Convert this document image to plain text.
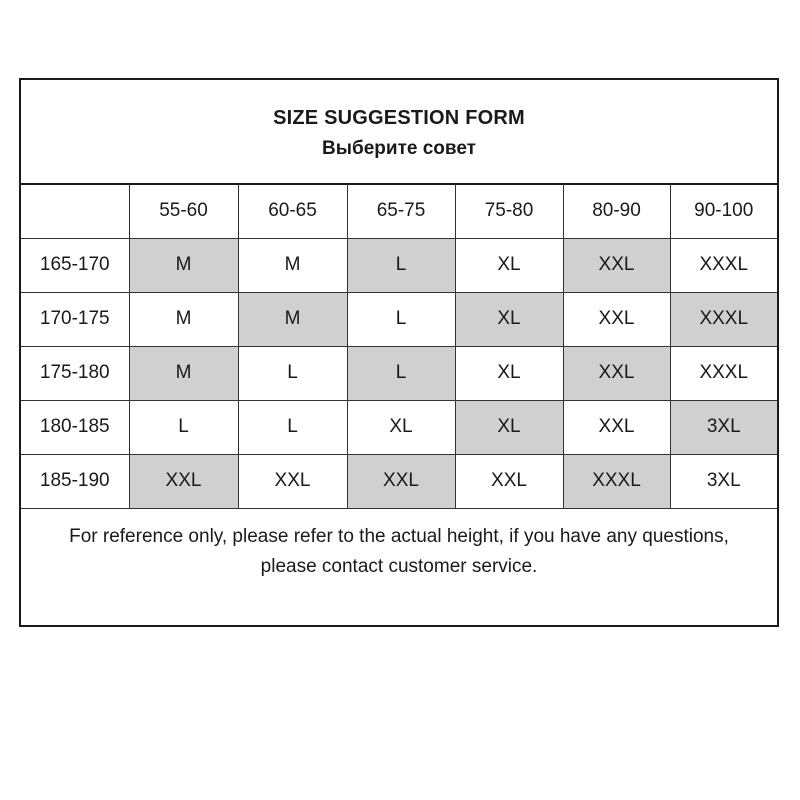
SIZE SUGGESTION FORM
Выберите совет
	55-60	60-65	65-75	75-80	80-90	90-100
165-170	M	M	L	XL	XXL	XXXL
170-175	M	M	L	XL	XXL	XXXL
175-180	M	L	L	XL	XXL	XXXL
180-185	L	L	XL	XL	XXL	3XL
185-190	XXL	XXL	XXL	XXL	XXXL	3XL
For reference only, please refer to the actual height, if you have any questions, please contact customer service.
